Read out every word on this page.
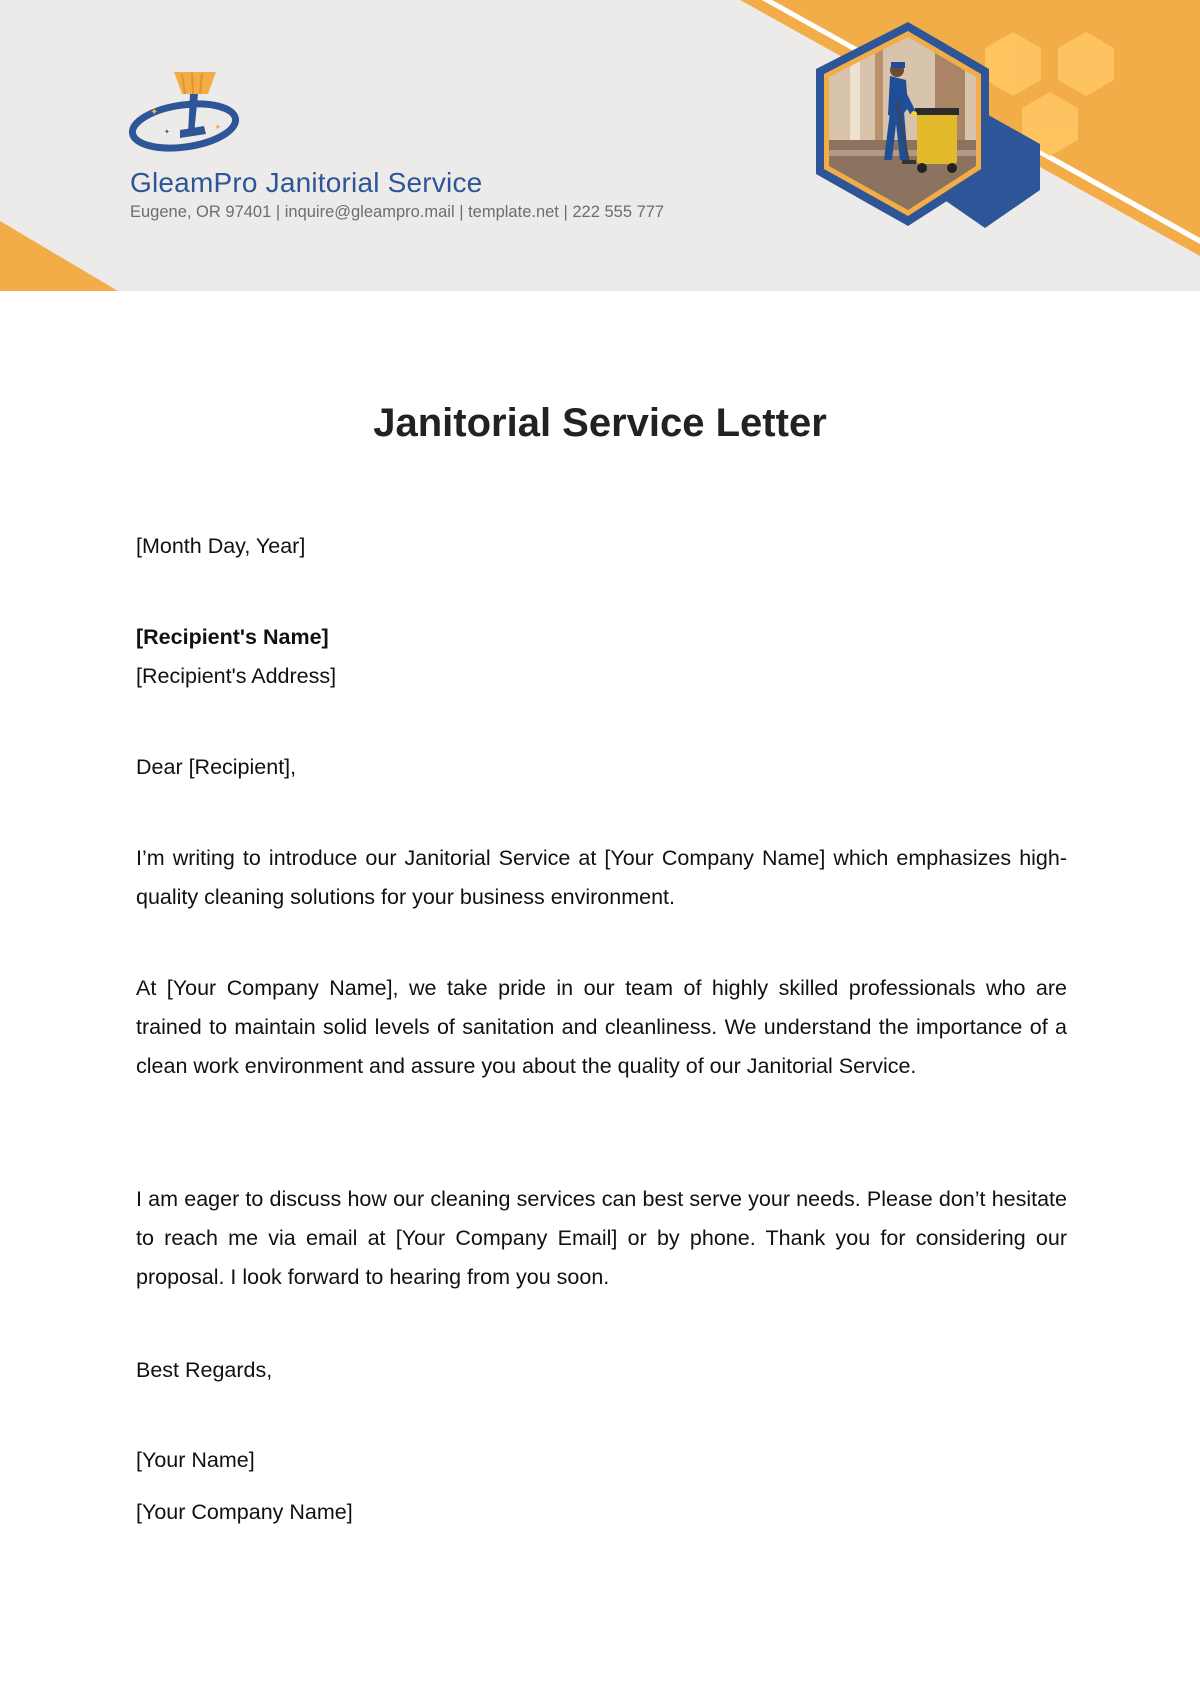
✦	✦
✦
✦
GleamPro Janitorial Service
Eugene, OR 97401 | inquire@gleampro.mail | template.net | 222 555 777
Janitorial Service Letter

[Month Day, Year]

[Recipient's Name]

[Recipient's Address]

Dear [Recipient],

I’m writing to introduce our Janitorial Service at [Your Company Name] which emphasizes high-quality cleaning solutions for your business environment.

At [Your Company Name], we take pride in our team of highly skilled professionals who are trained to maintain solid levels of sanitation and cleanliness. We understand the importance of a clean work environment and assure you about the quality of our Janitorial Service.

I am eager to discuss how our cleaning services can best serve your needs. Please don’t hesitate to reach me via email at [Your Company Email] or by phone. Thank you for considering our proposal. I look forward to hearing from you soon.

Best Regards,

[Your Name]

[Your Company Name]
